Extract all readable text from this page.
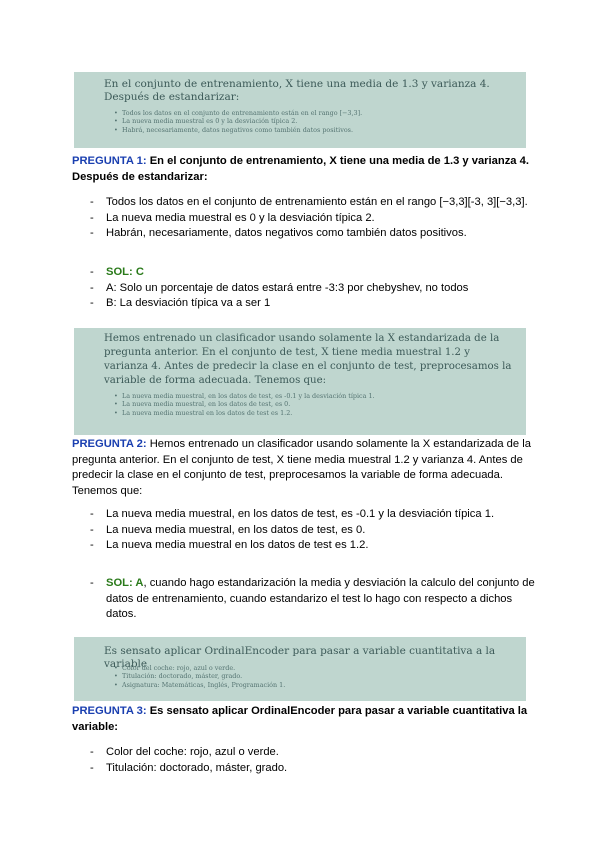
En el conjunto de entrenamiento, X tiene una media de 1.3 y varianza 4. Después de estandarizar:
• Todos los datos en el conjunto de entrenamiento están en el rango [−3,3].
• La nueva media muestral es 0 y la desviación típica 2.
• Habrá, necesariamente, datos negativos como también datos positivos.
PREGUNTA 1: En el conjunto de entrenamiento, X tiene una media de 1.3 y varianza 4. Después de estandarizar:
- Todos los datos en el conjunto de entrenamiento están en el rango [−3,3][-3, 3][−3,3].
- La nueva media muestral es 0 y la desviación típica 2.
- Habrán, necesariamente, datos negativos como también datos positivos.
- SOL: C
- A: Solo un porcentaje de datos estará entre -3:3 por chebyshev, no todos
- B: La desviación típica va a ser 1
Hemos entrenado un clasificador usando solamente la X estandarizada de la pregunta anterior. En el conjunto de test, X tiene media muestral 1.2 y varianza 4. Antes de predecir la clase en el conjunto de test, preprocesamos la variable de forma adecuada. Tenemos que:
• La nueva media muestral, en los datos de test, es -0.1 y la desviación típica 1.
• La nueva media muestral, en los datos de test, es 0.
• La nueva media muestral en los datos de test es 1.2.
PREGUNTA 2: Hemos entrenado un clasificador usando solamente la X estandarizada de la pregunta anterior. En el conjunto de test, X tiene media muestral 1.2 y varianza 4. Antes de predecir la clase en el conjunto de test, preprocesamos la variable de forma adecuada. Tenemos que:
- La nueva media muestral, en los datos de test, es -0.1 y la desviación típica 1.
- La nueva media muestral, en los datos de test, es 0.
- La nueva media muestral en los datos de test es 1.2.
- SOL: A, cuando hago estandarización la media y desviación la calculo del conjunto de datos de entrenamiento, cuando estandarizo el test lo hago con respecto a dichos datos.
Es sensato aplicar OrdinalEncoder para pasar a variable cuantitativa a la variable
• Color del coche: rojo, azul o verde.
• Titulación: doctorado, máster, grado.
• Asignatura: Matemáticas, Inglés, Programación 1.
PREGUNTA 3: Es sensato aplicar OrdinalEncoder para pasar a variable cuantitativa la variable:
- Color del coche: rojo, azul o verde.
- Titulación: doctorado, máster, grado.
